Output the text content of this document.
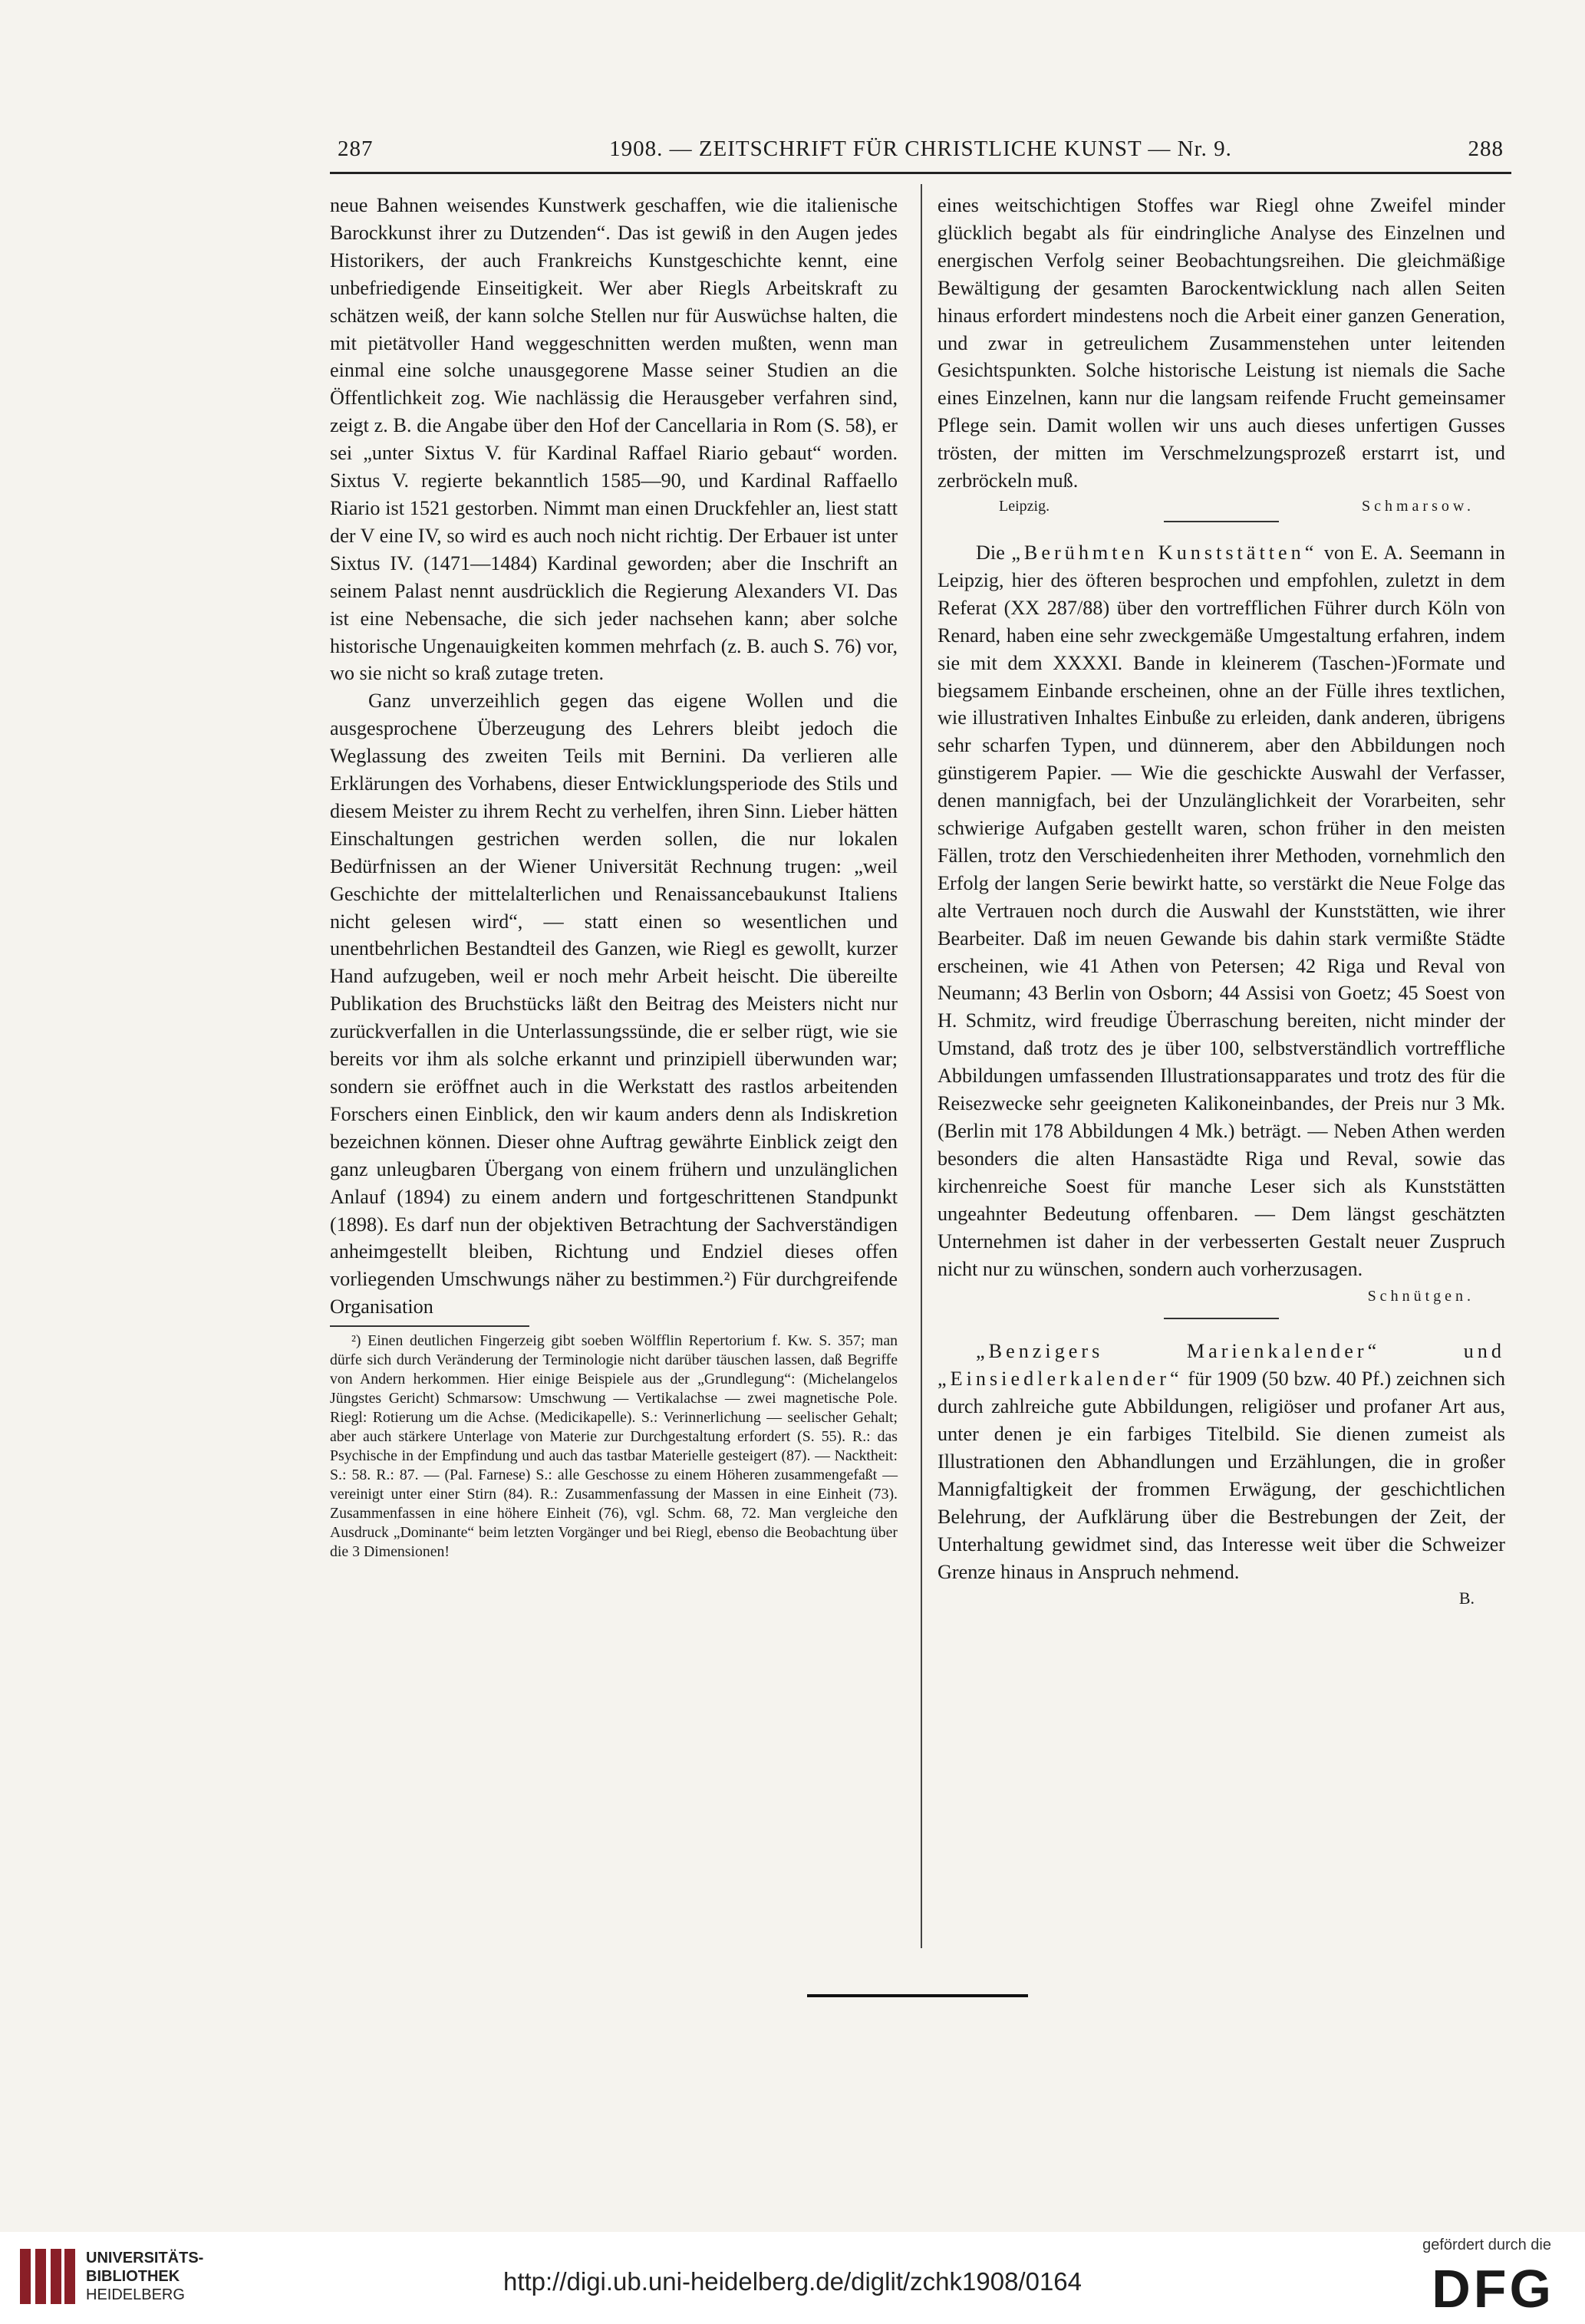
287	1908. — ZEITSCHRIFT FÜR CHRISTLICHE KUNST — Nr. 9.	288

neue Bahnen weisendes Kunstwerk geschaffen, wie die italienische Barockkunst ihrer zu Dutzenden“. Das ist gewiß in den Augen jedes Historikers, der auch Frankreichs Kunstgeschichte kennt, eine unbefriedigende Einseitigkeit. Wer aber Riegls Arbeitskraft zu schätzen weiß, der kann solche Stellen nur für Auswüchse halten, die mit pietätvoller Hand weggeschnitten werden mußten, wenn man einmal eine solche unausgegorene Masse seiner Studien an die Öffentlichkeit zog. Wie nachlässig die Herausgeber verfahren sind, zeigt z. B. die Angabe über den Hof der Cancellaria in Rom (S. 58), er sei „unter Sixtus V. für Kardinal Raffael Riario gebaut“ worden. Sixtus V. regierte bekanntlich 1585—90, und Kardinal Raffaello Riario ist 1521 gestorben. Nimmt man einen Druckfehler an, liest statt der V eine IV, so wird es auch noch nicht richtig. Der Erbauer ist unter Sixtus IV. (1471—1484) Kardinal geworden; aber die Inschrift an seinem Palast nennt ausdrücklich die Regierung Alexanders VI. Das ist eine Nebensache, die sich jeder nachsehen kann; aber solche historische Ungenauigkeiten kommen mehrfach (z. B. auch S. 76) vor, wo sie nicht so kraß zutage treten.

Ganz unverzeihlich gegen das eigene Wollen und die ausgesprochene Überzeugung des Lehrers bleibt jedoch die Weglassung des zweiten Teils mit Bernini. Da verlieren alle Erklärungen des Vorhabens, dieser Entwicklungsperiode des Stils und diesem Meister zu ihrem Recht zu verhelfen, ihren Sinn. Lieber hätten Einschaltungen gestrichen werden sollen, die nur lokalen Bedürfnissen an der Wiener Universität Rechnung trugen: „weil Geschichte der mittelalterlichen und Renaissancebaukunst Italiens nicht gelesen wird“, — statt einen so wesentlichen und unentbehrlichen Bestandteil des Ganzen, wie Riegl es gewollt, kurzer Hand aufzugeben, weil er noch mehr Arbeit heischt. Die übereilte Publikation des Bruchstücks läßt den Beitrag des Meisters nicht nur zurückverfallen in die Unterlassungssünde, die er selber rügt, wie sie bereits vor ihm als solche erkannt und prinzipiell überwunden war; sondern sie eröffnet auch in die Werkstatt des rastlos arbeitenden Forschers einen Einblick, den wir kaum anders denn als Indiskretion bezeichnen können. Dieser ohne Auftrag gewährte Einblick zeigt den ganz unleugbaren Übergang von einem frühern und unzulänglichen Anlauf (1894) zu einem andern und fortgeschrittenen Standpunkt (1898). Es darf nun der objektiven Betrachtung der Sachverständigen anheimgestellt bleiben, Richtung und Endziel dieses offen vorliegenden Umschwungs näher zu bestimmen.²) Für durchgreifende Organisation

²) Einen deutlichen Fingerzeig gibt soeben Wölfflin Repertorium f. Kw. S. 357; man dürfe sich durch Veränderung der Terminologie nicht darüber täuschen lassen, daß Begriffe von Andern herkommen. Hier einige Beispiele aus der „Grundlegung“: (Michelangelos Jüngstes Gericht) Schmarsow: Umschwung — Vertikalachse — zwei magnetische Pole. Riegl: Rotierung um die Achse. (Medicikapelle). S.: Verinnerlichung — seelischer Gehalt; aber auch stärkere Unterlage von Materie zur Durchgestaltung erfordert (S. 55). R.: das Psychische in der Empfindung und auch das tastbar Materielle gesteigert (87). — Nacktheit: S.: 58. R.: 87. — (Pal. Farnese) S.: alle Geschosse zu einem Höheren zusammengefaßt — vereinigt unter einer Stirn (84). R.: Zusammenfassung der Massen in eine Einheit (73). Zusammenfassen in eine höhere Einheit (76), vgl. Schm. 68, 72. Man vergleiche den Ausdruck „Dominante“ beim letzten Vorgänger und bei Riegl, ebenso die Beobachtung über die 3 Dimensionen!

eines weitschichtigen Stoffes war Riegl ohne Zweifel minder glücklich begabt als für eindringliche Analyse des Einzelnen und energischen Verfolg seiner Beobachtungsreihen. Die gleichmäßige Bewältigung der gesamten Barockentwicklung nach allen Seiten hinaus erfordert mindestens noch die Arbeit einer ganzen Generation, und zwar in getreulichem Zusammenstehen unter leitenden Gesichtspunkten. Solche historische Leistung ist niemals die Sache eines Einzelnen, kann nur die langsam reifende Frucht gemeinsamer Pflege sein. Damit wollen wir uns auch dieses unfertigen Gusses trösten, der mitten im Verschmelzungsprozeß erstarrt ist, und zerbröckeln muß.

Leipzig.	Schmarsow.

Die „Berühmten Kunststätten“ von E. A. Seemann in Leipzig, hier des öfteren besprochen und empfohlen, zuletzt in dem Referat (XX 287/88) über den vortrefflichen Führer durch Köln von Renard, haben eine sehr zweckgemäße Umgestaltung erfahren, indem sie mit dem XXXXI. Bande in kleinerem (Taschen-)Formate und biegsamem Einbande erscheinen, ohne an der Fülle ihres textlichen, wie illustrativen Inhaltes Einbuße zu erleiden, dank anderen, übrigens sehr scharfen Typen, und dünnerem, aber den Abbildungen noch günstigerem Papier. — Wie die geschickte Auswahl der Verfasser, denen mannigfach, bei der Unzulänglichkeit der Vorarbeiten, sehr schwierige Aufgaben gestellt waren, schon früher in den meisten Fällen, trotz den Verschiedenheiten ihrer Methoden, vornehmlich den Erfolg der langen Serie bewirkt hatte, so verstärkt die Neue Folge das alte Vertrauen noch durch die Auswahl der Kunststätten, wie ihrer Bearbeiter. Daß im neuen Gewande bis dahin stark vermißte Städte erscheinen, wie 41 Athen von Petersen; 42 Riga und Reval von Neumann; 43 Berlin von Osborn; 44 Assisi von Goetz; 45 Soest von H. Schmitz, wird freudige Überraschung bereiten, nicht minder der Umstand, daß trotz des je über 100, selbstverständlich vortreffliche Abbildungen umfassenden Illustrationsapparates und trotz des für die Reisezwecke sehr geeigneten Kalikoneinbandes, der Preis nur 3 Mk. (Berlin mit 178 Abbildungen 4 Mk.) beträgt. — Neben Athen werden besonders die alten Hansastädte Riga und Reval, sowie das kirchenreiche Soest für manche Leser sich als Kunststätten ungeahnter Bedeutung offenbaren. — Dem längst geschätzten Unternehmen ist daher in der verbesserten Gestalt neuer Zuspruch nicht nur zu wünschen, sondern auch vorherzusagen.

Schnütgen.

„Benzigers Marienkalender“ und „Einsiedlerkalender“ für 1909 (50 bzw. 40 Pf.) zeichnen sich durch zahlreiche gute Abbildungen, religiöser und profaner Art aus, unter denen je ein farbiges Titelbild. Sie dienen zumeist als Illustrationen den Abhandlungen und Erzählungen, die in großer Mannigfaltigkeit der frommen Erwägung, der geschichtlichen Belehrung, der Aufklärung über die Bestrebungen der Zeit, der Unterhaltung gewidmet sind, das Interesse weit über die Schweizer Grenze hinaus in Anspruch nehmend.

B.
UNIVERSITÄTS-
BIBLIOTHEK
HEIDELBERG	http://digi.ub.uni-heidelberg.de/diglit/zchk1908/0164
gefördert durch die
DFG
